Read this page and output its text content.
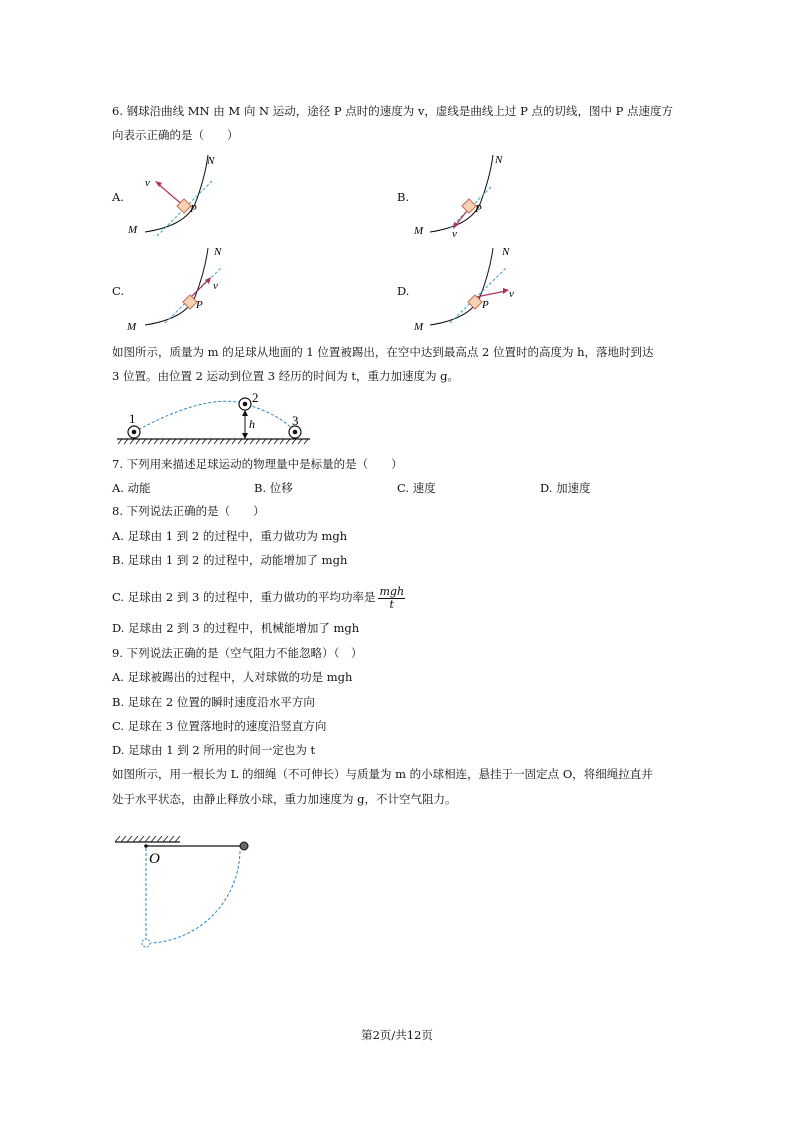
6. 钢球沿曲线 MN 由 M 向 N 运动，途径 P 点时的速度为 v，虚线是曲线上过 P 点的切线，图中 P 点速度方
向表示正确的是（　　）
A.	B.
C.	D.
N
M
P
v
N
M
P
v
N
M
P
v
N
M
P
v
如图所示，质量为 m 的足球从地面的 1 位置被踢出，在空中达到最高点 2 位置时的高度为 h，落地时到达
3 位置。由位置 2 运动到位置 3 经历的时间为 t，重力加速度为 g。
1
2
3
h
7. 下列用来描述足球运动的物理量中是标量的是（　　）
A. 动能	B. 位移	C. 速度	D. 加速度
8. 下列说法正确的是（　　）
A. 足球由 1 到 2 的过程中，重力做功为 mgh
B. 足球由 1 到 2 的过程中，动能增加了 mgh
C. 足球由 2 到 3 的过程中，重力做功的平均功率是 $\frac{\text{mgh}}{t}$
D. 足球由 2 到 3 的过程中，机械能增加了 mgh
9. 下列说法正确的是（空气阻力不能忽略）（　）
A. 足球被踢出的过程中，人对球做的功是 mgh
B. 足球在 2 位置的瞬时速度沿水平方向
C. 足球在 3 位置落地时的速度沿竖直方向
D. 足球由 1 到 2 所用的时间一定也为 t
如图所示，用一根长为 L 的细绳（不可伸长）与质量为 m 的小球相连，悬挂于一固定点 O，将细绳拉直并
处于水平状态，由静止释放小球，重力加速度为 g，不计空气阻力。
O
第2页/共12页
